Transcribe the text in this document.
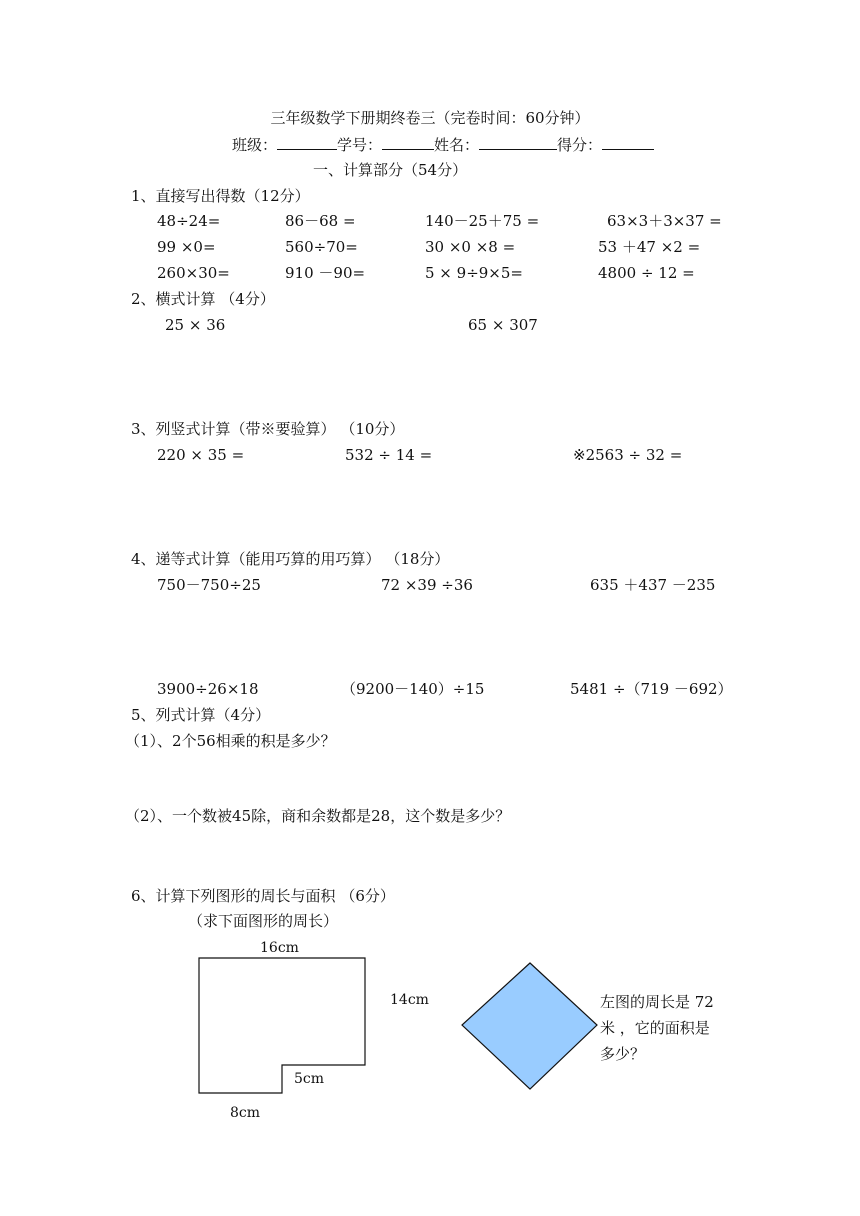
三年级数学下册期终卷三（完卷时间：60分钟）
班级：	学号：	姓名：	得分：
一、计算部分（54分）
1、直接写出得数（12分）
48÷24=	86－68 =	140－25＋75 =	63×3＋3×37 =
99 ×0=	560÷70=	30 ×0 ×8 =	53 ＋47 ×2 =
260×30=	910 －90=	5 × 9÷9×5=	4800 ÷ 12 =
2、横式计算 （4分）
25 × 36	65 × 307
3、列竖式计算（带※要验算） （10分）
220 × 35 =	532 ÷ 14 =	※2563 ÷ 32 =
4、递等式计算（能用巧算的用巧算） （18分）
750－750÷25	72 ×39 ÷36	635 ＋437 －235
3900÷26×18	（9200－140）÷15	5481 ÷（719 －692）
5、列式计算（4分）
（1）、2个56相乘的积是多少？
（2）、一个数被45除，商和余数都是28，这个数是多少？
6、计算下列图形的周长与面积 （6分）
（求下面图形的周长）
16cm
14cm
5cm
8cm
左图的周长是 72
米 ，它的面积是
多少？
